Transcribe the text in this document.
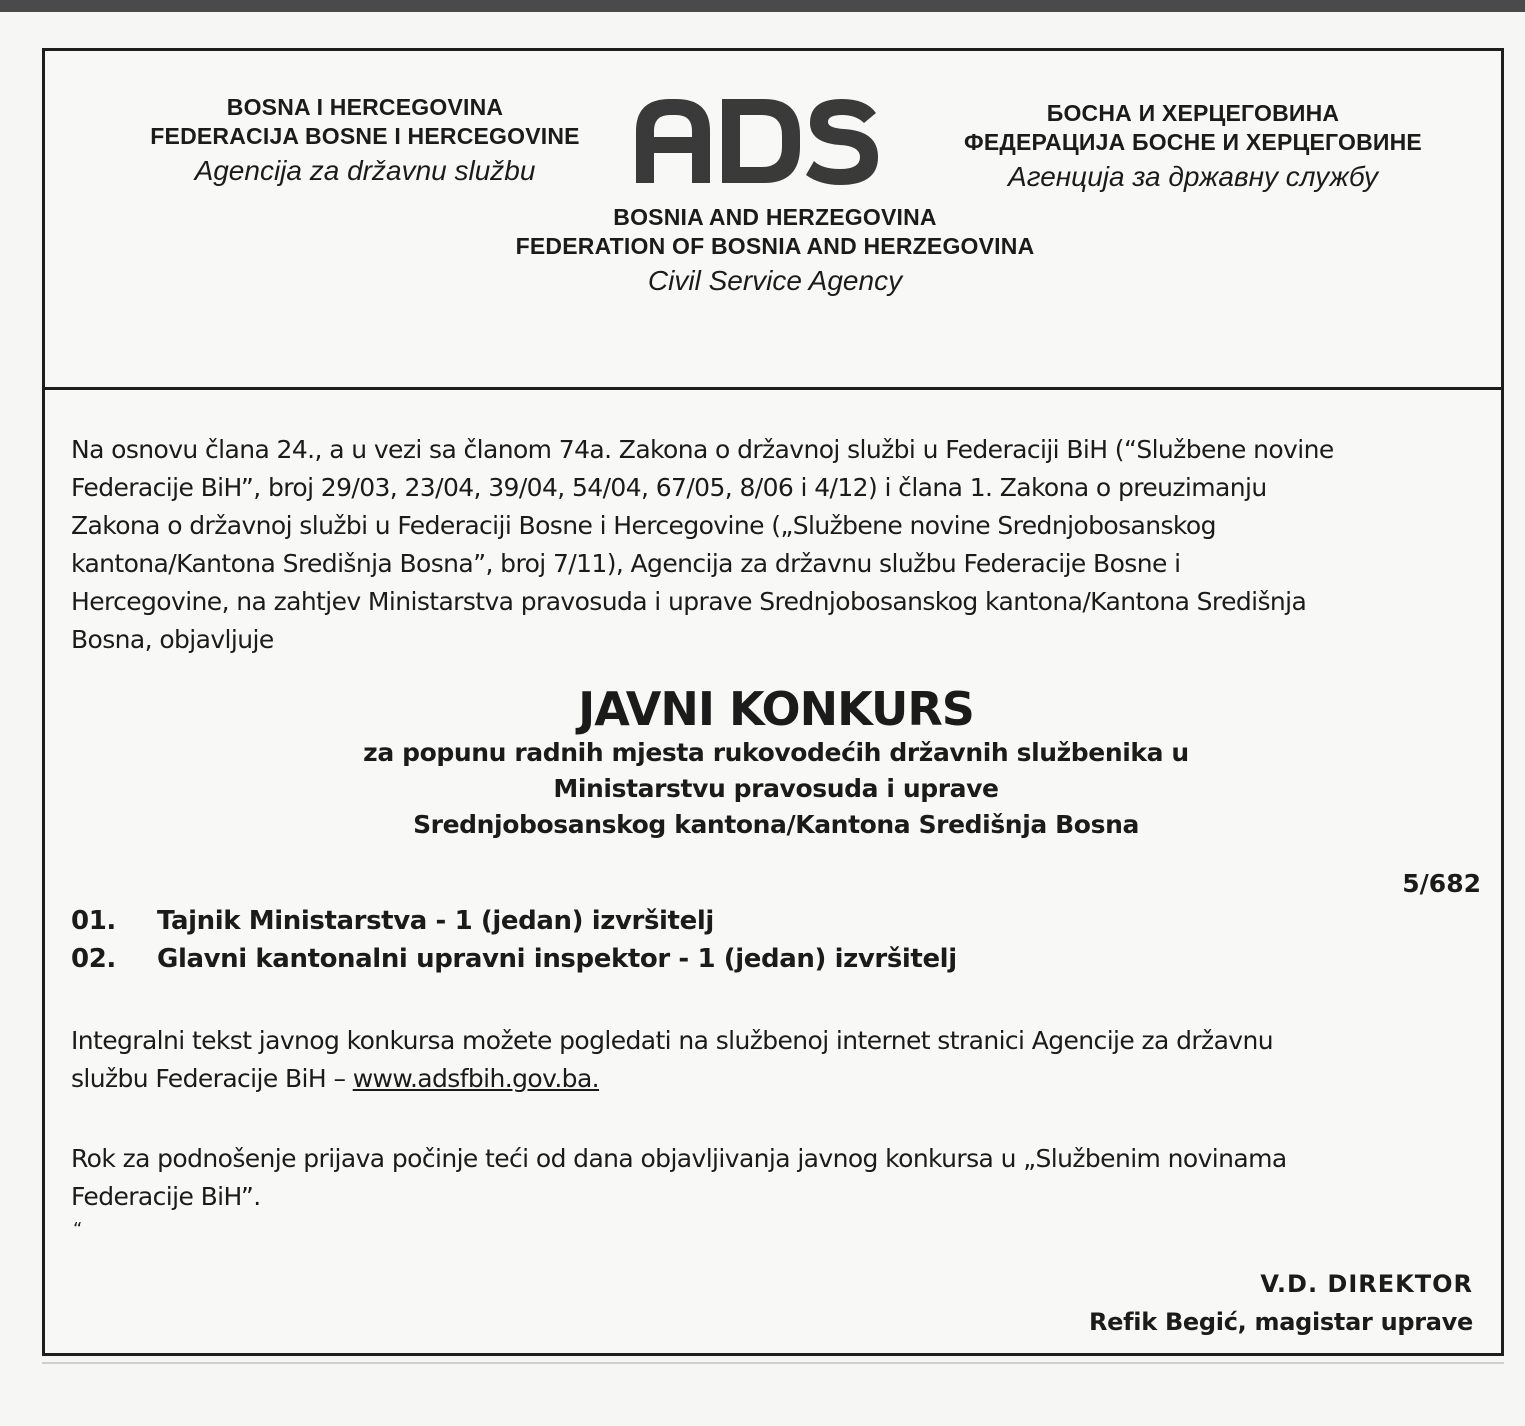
BOSNA I HERCEGOVINA
FEDERACIJA BOSNE I HERCEGOVINE
Agencija za državnu službu
БОСНА И ХЕРЦЕГОВИНА
ФЕДЕРАЦИЈА БОСНЕ И ХЕРЦЕГОВИНЕ
Агенција за државну службу
BOSNIA AND HERZEGOVINA
FEDERATION OF BOSNIA AND HERZEGOVINA
Civil Service Agency
Na osnovu člana 24., a u vezi sa članom 74a. Zakona o državnoj službi u Federaciji BiH (“Službene novine
Federacije BiH”, broj 29/03, 23/04, 39/04, 54/04, 67/05, 8/06 i 4/12) i člana 1. Zakona o preuzimanju
Zakona o državnoj službi u Federaciji Bosne i Hercegovine („Službene novine Srednjobosanskog
kantona/Kantona Središnja Bosna”, broj 7/11), Agencija za državnu službu Federacije Bosne i
Hercegovine, na zahtjev Ministarstva pravosuda i uprave Srednjobosanskog kantona/Kantona Središnja
Bosna, objavljuje
JAVNI KONKURS
za popunu radnih mjesta rukovodećih državnih službenika u
Ministarstvu pravosuda i uprave
Srednjobosanskog kantona/Kantona Središnja Bosna
5/682
01.	Tajnik Ministarstva - 1 (jedan) izvršitelj
02.	Glavni kantonalni upravni inspektor - 1 (jedan) izvršitelj
Integralni tekst javnog konkursa možete pogledati na službenoj internet stranici Agencije za državnu
službu Federacije BiH – www.adsfbih.gov.ba.
Rok za podnošenje prijava počinje teći od dana objavljivanja javnog konkursa u „Službenim novinama
Federacije BiH”.
“
V.D. DIREKTOR
Refik Begić, magistar uprave
